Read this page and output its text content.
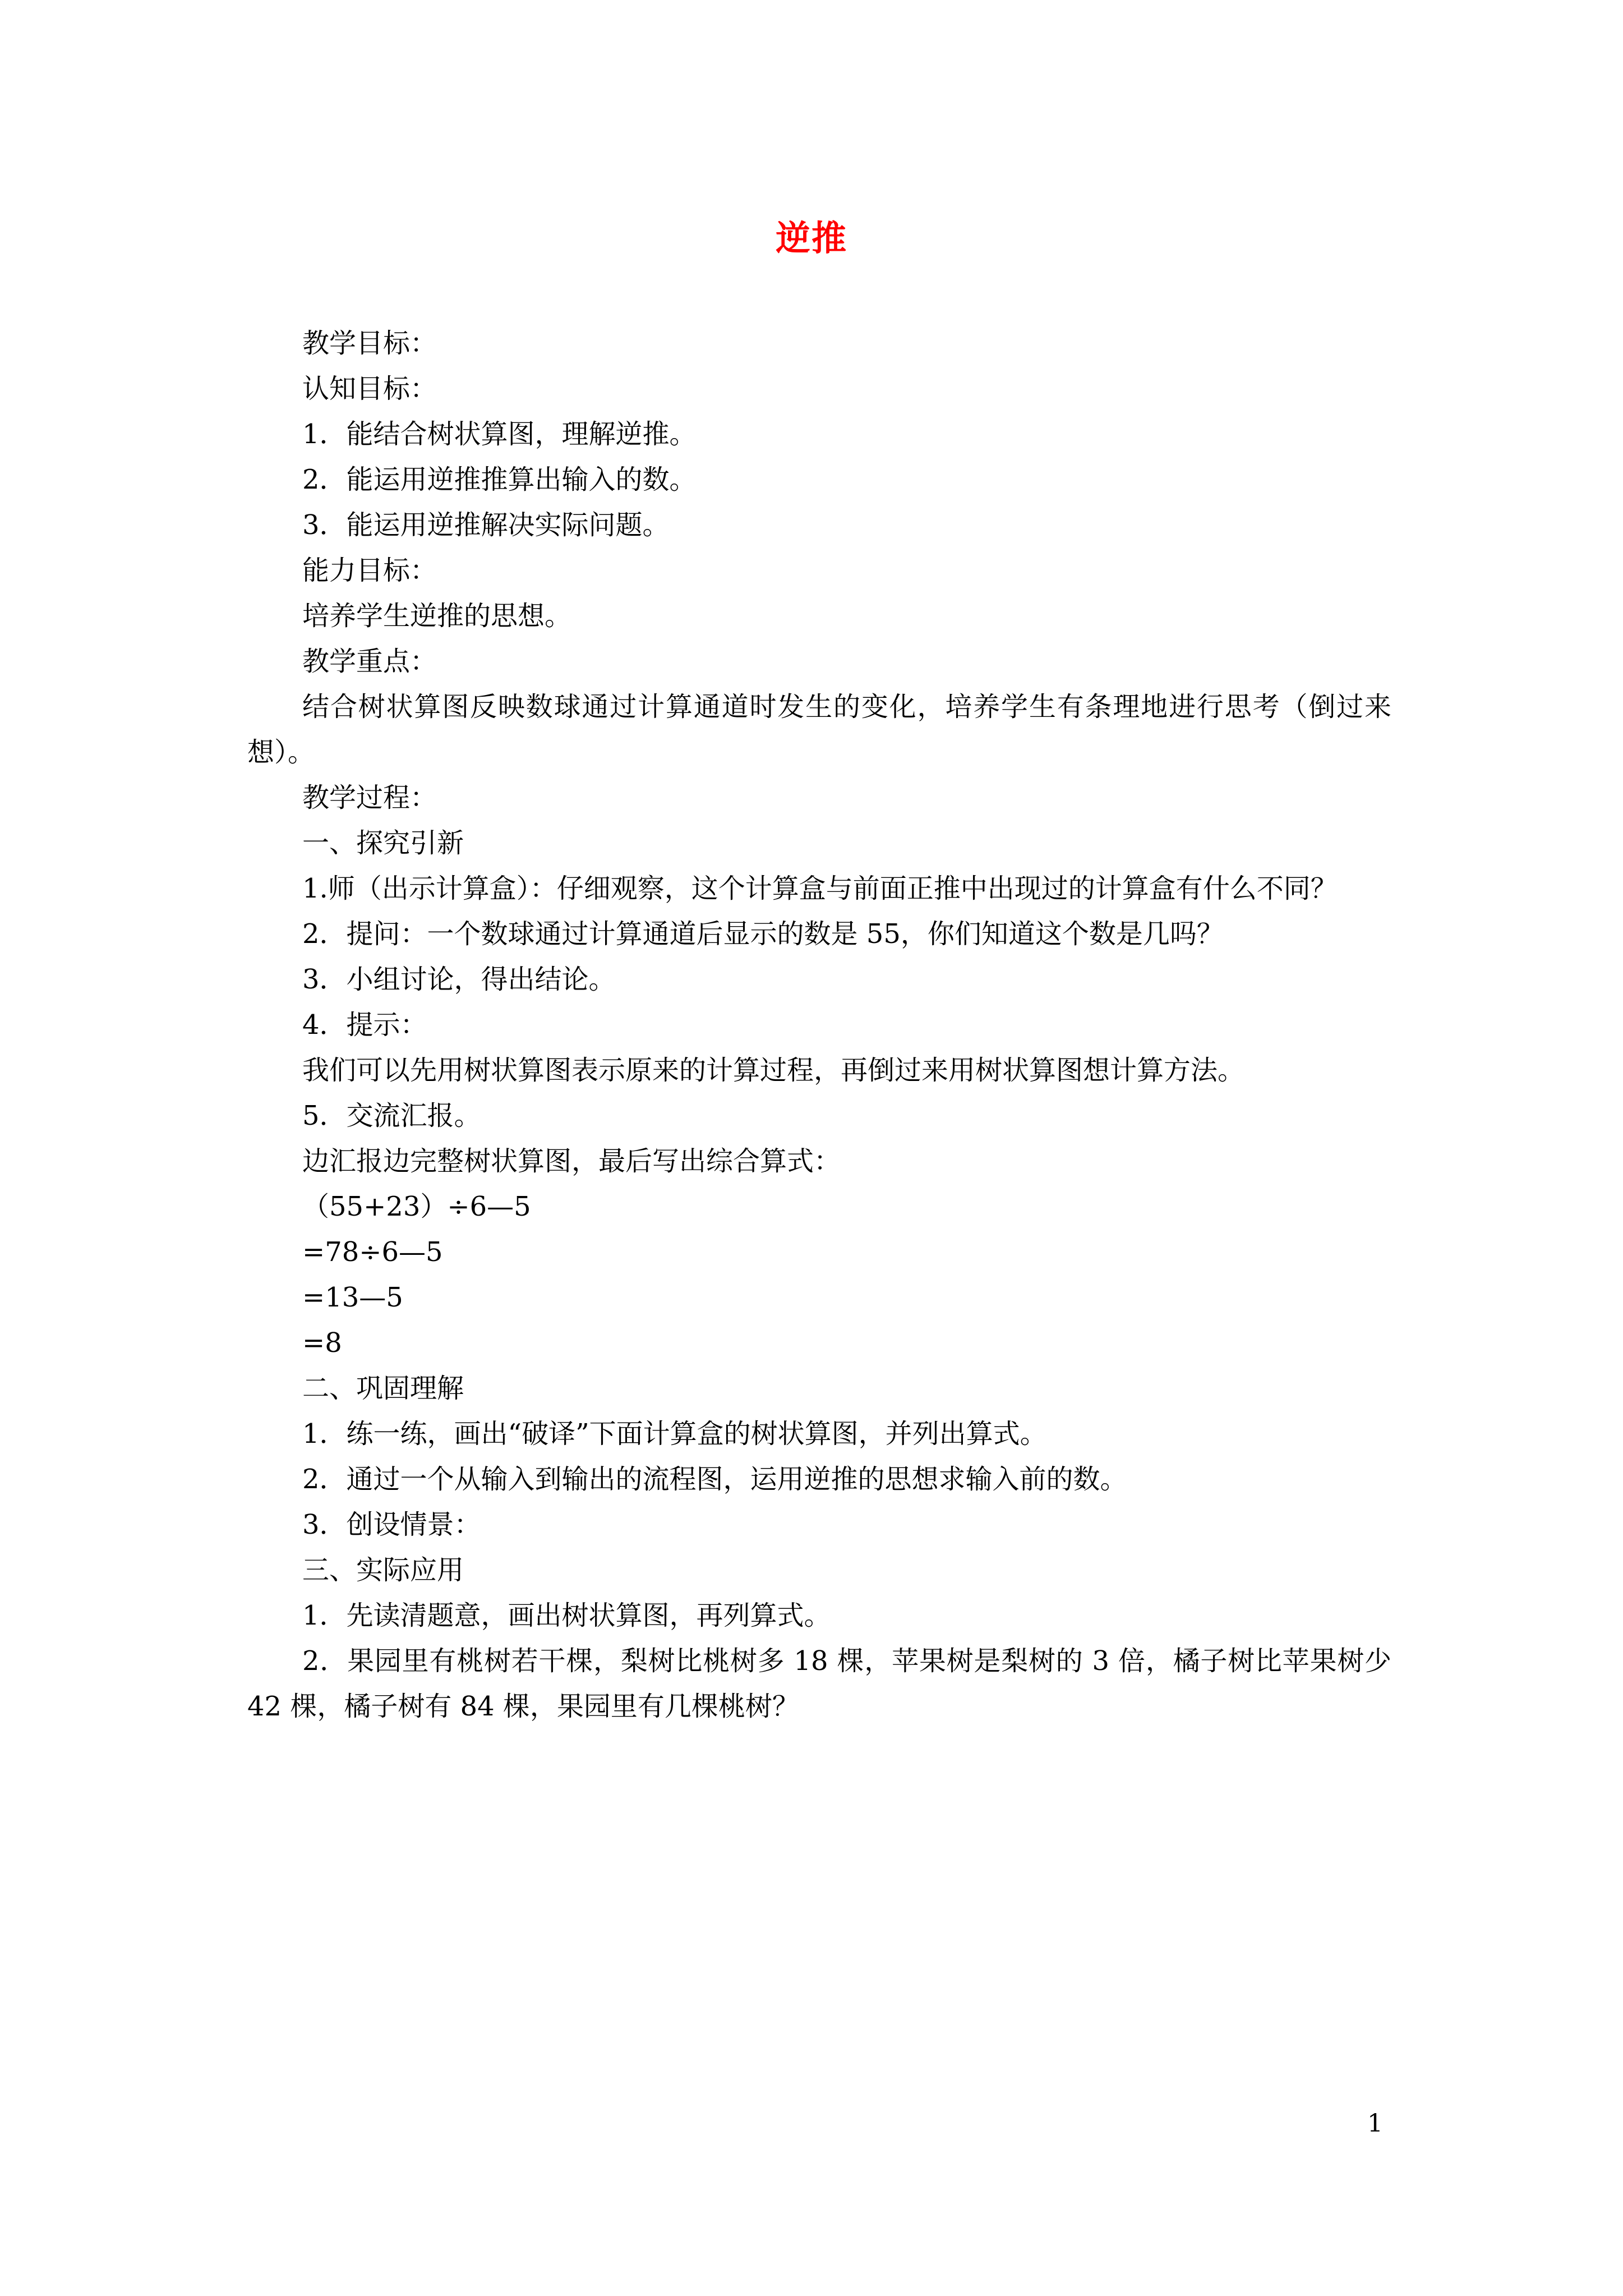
逆推

教学目标：

认知目标：

1．能结合树状算图，理解逆推。

2．能运用逆推推算出输入的数。

3．能运用逆推解决实际问题。

能力目标：

培养学生逆推的思想。

教学重点：

结合树状算图反映数球通过计算通道时发生的变化，培养学生有条理地进行思考（倒过来想）。

教学过程：

一、探究引新

1.师（出示计算盒）：仔细观察，这个计算盒与前面正推中出现过的计算盒有什么不同？

2．提问：一个数球通过计算通道后显示的数是 55，你们知道这个数是几吗？

3．小组讨论，得出结论。

4．提示：

我们可以先用树状算图表示原来的计算过程，再倒过来用树状算图想计算方法。

5．交流汇报。

边汇报边完整树状算图，最后写出综合算式：

（55+23）÷6—5

=78÷6—5

=13—5

=8

二、巩固理解

1．练一练，画出“破译”下面计算盒的树状算图，并列出算式。

2．通过一个从输入到输出的流程图，运用逆推的思想求输入前的数。

3．创设情景：

三、实际应用

1．先读清题意，画出树状算图，再列算式。

2．果园里有桃树若干棵，梨树比桃树多 18 棵，苹果树是梨树的 3 倍，橘子树比苹果树少 42 棵，橘子树有 84 棵，果园里有几棵桃树？

1
